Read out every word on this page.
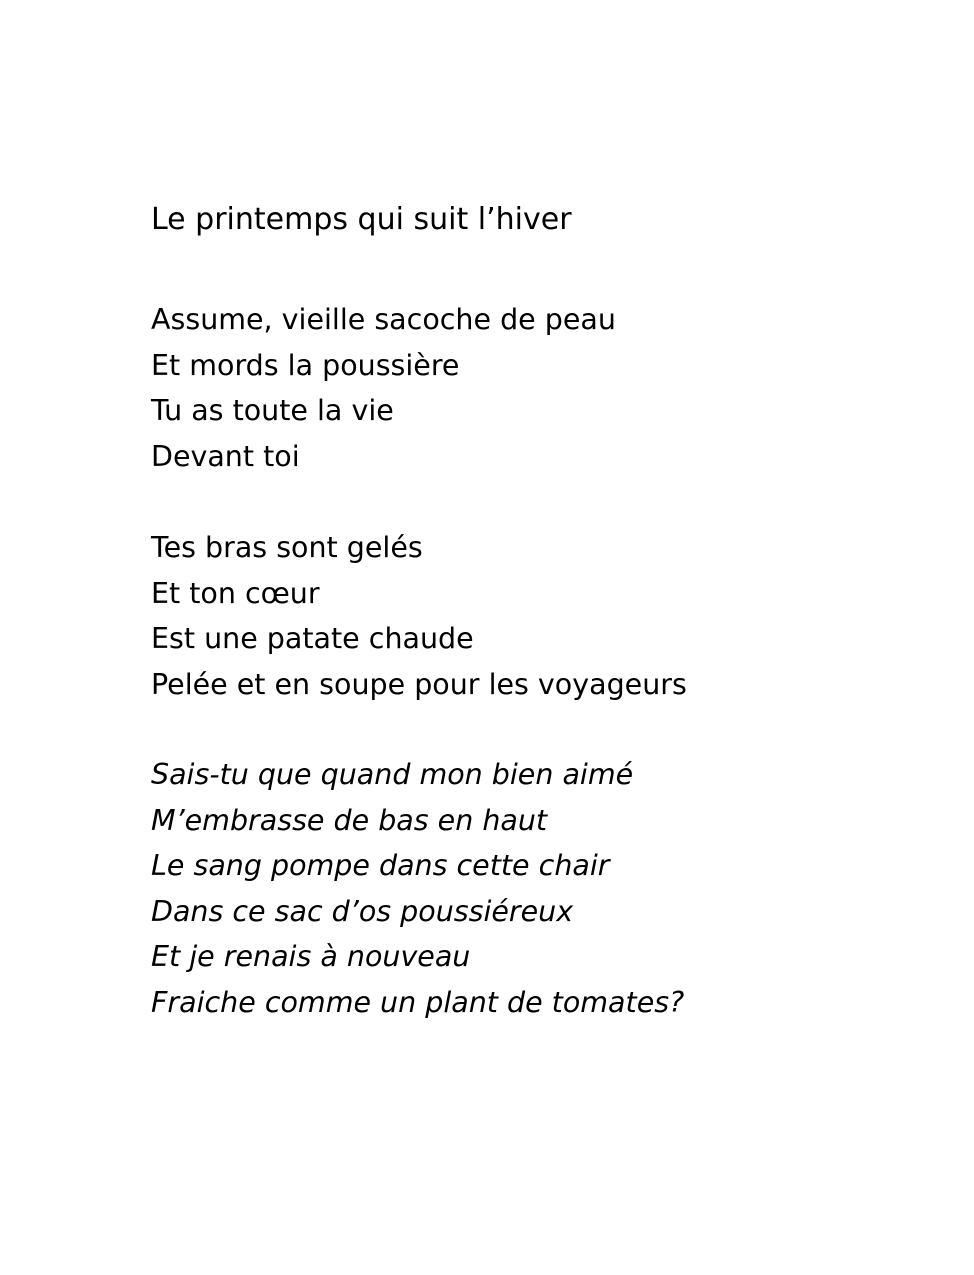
Le printemps qui suit l’hiver
Assume, vieille sacoche de peau
Et mords la poussière
Tu as toute la vie
Devant toi
Tes bras sont gelés
Et ton cœur
Est une patate chaude
Pelée et en soupe pour les voyageurs
Sais-tu que quand mon bien aimé
M’embrasse de bas en haut
Le sang pompe dans cette chair
Dans ce sac d’os poussiéreux
Et je renais à nouveau
Fraiche comme un plant de tomates?
